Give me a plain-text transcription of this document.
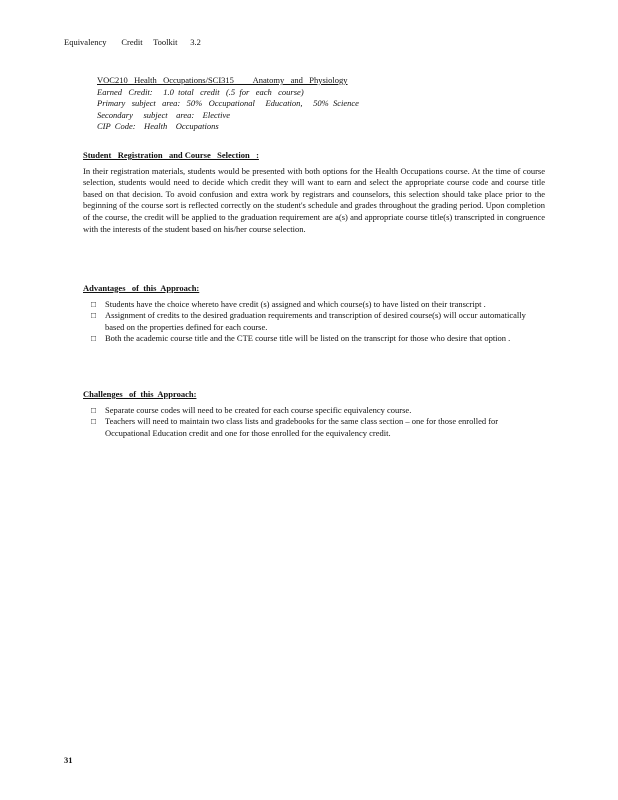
Equivalency       Credit     Toolkit      3.2
VOC210   Health   Occupations/SCI315         Anatomy   and   Physiology
Earned   Credit:     1.0  total   credit   (.5  for   each   course)
Primary   subject   area:   50%   Occupational     Education,     50%  Science
Secondary     subject    area:    Elective
CIP  Code:    Health    Occupations
Student   Registration   and Course   Selection   :
In their registration materials, students would be presented with both options for the Health Occupations course. At the time of course selection, students would need to decide which credit they will want to earn and select the appropriate course code and course title based on that decision. To avoid confusion and extra work by registrars and counselors, this selection should take place prior to the beginning of the course sort is reflected correctly on the student's schedule and grades throughout the grading period. Upon completion of the course, the credit will be applied to the graduation requirement are a(s) and appropriate course title(s) transcripted in congruence with the interests of the student based on his/her course selection.
Advantages   of  this  Approach:
□ Students have the choice whereto have credit (s) assigned and which course(s) to have listed on their transcript .
□ Assignment of credits to the desired graduation requirements and transcription of desired course(s) will occur automatically based on the properties defined for each course.
□ Both the academic course title and the CTE course title will be listed on the transcript for those who desire that option .
Challenges   of  this  Approach:
□ Separate course codes will need to be created for each course specific equivalency course.
□ Teachers will need to maintain two class lists and gradebooks for the same class section – one for those enrolled for Occupational Education credit and one for those enrolled for the equivalency credit.
31
